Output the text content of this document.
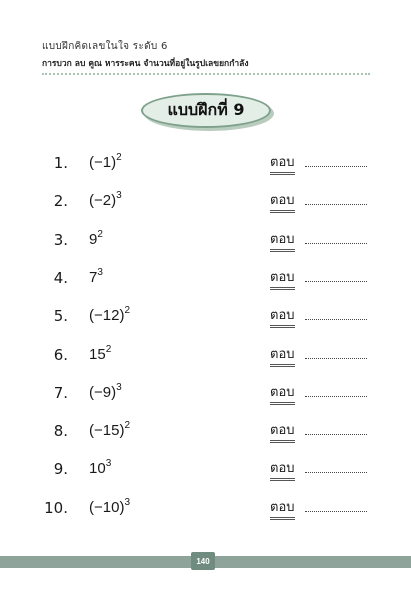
แบบฝึกคิดเลขในใจ ระดับ 6
การบวก ลบ คูณ หารระคน จำนวนที่อยู่ในรูปเลขยกกำลัง
แบบฝึกที่ 9
1. $(-1)^2$	ตอบ
2. $(-2)^3$	ตอบ
3. $9^2$	ตอบ
4. $7^3$	ตอบ
5. $(-12)^2$	ตอบ
6. $15^2$	ตอบ
7. $(-9)^3$	ตอบ
8. $(-15)^2$	ตอบ
9. $10^3$	ตอบ
10. $(-10)^3$	ตอบ
140
